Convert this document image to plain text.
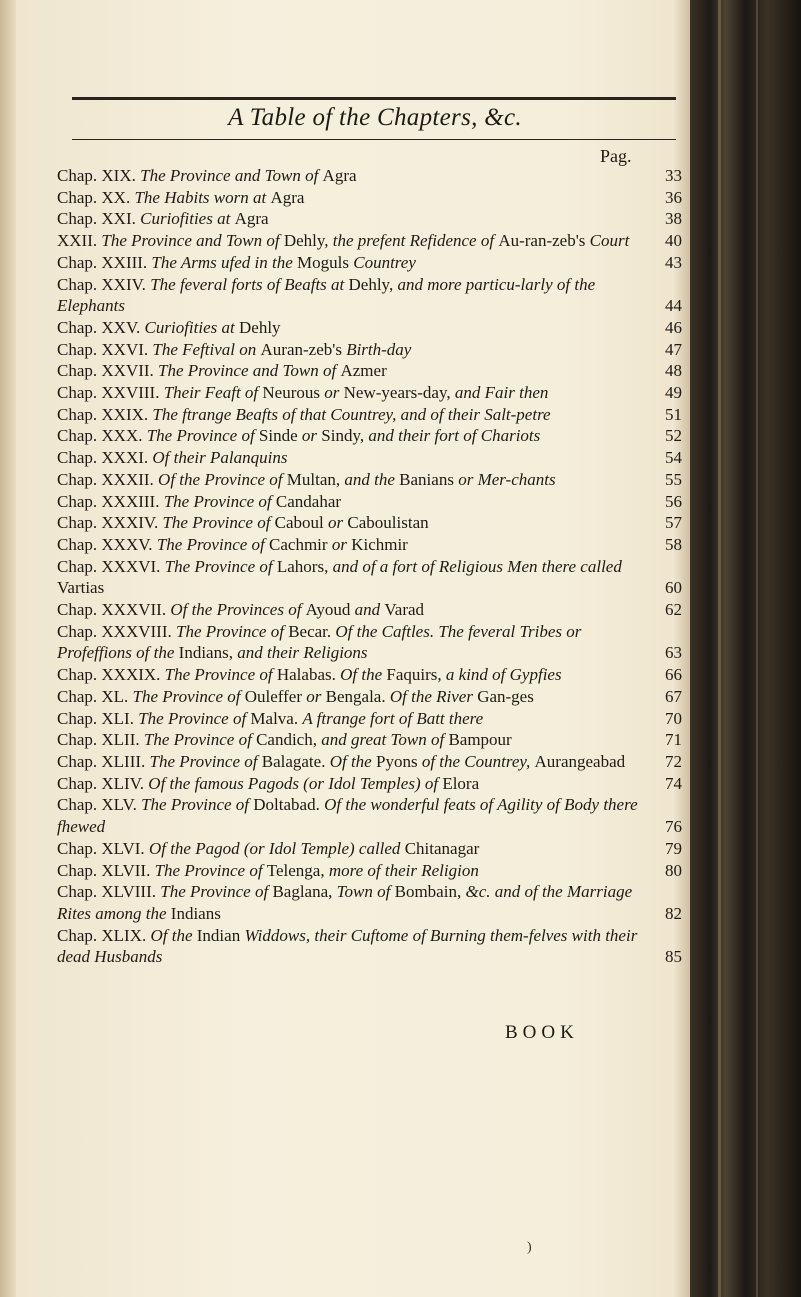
A Table of the Chapters, &c.
Pag.
Chap. XIX. The Province and Town of Agra	33
Chap. XX. The Habits worn at Agra	36
Chap. XXI. Curiofities at Agra	38
XXII. The Province and Town of Dehly, the prefent Refidence of Au-ran-zeb's Court	40
Chap. XXIII. The Arms ufed in the Moguls Countrey	43
Chap. XXIV. The feveral forts of Beafts at Dehly, and more particu-larly of the Elephants	44
Chap. XXV. Curiofities at Dehly	46
Chap. XXVI. The Feftival on Auran-zeb's Birth-day	47
Chap. XXVII. The Province and Town of Azmer	48
Chap. XXVIII. Their Feaft of Neurous or New-years-day, and Fair then	49
Chap. XXIX. The ftrange Beafts of that Countrey, and of their Salt-petre	51
Chap. XXX. The Province of Sinde or Sindy, and their fort of Chariots	52
Chap. XXXI. Of their Palanquins	54
Chap. XXXII. Of the Province of Multan, and the Banians or Mer-chants	55
Chap. XXXIII. The Province of Candahar	56
Chap. XXXIV. The Province of Caboul or Caboulistan	57
Chap. XXXV. The Province of Cachmir or Kichmir	58
Chap. XXXVI. The Province of Lahors, and of a fort of Religious Men there called Vartias	60
Chap. XXXVII. Of the Provinces of Ayoud and Varad	62
Chap. XXXVIII. The Province of Becar. Of the Caftles. The feveral Tribes or Profeffions of the Indians, and their Religions	63
Chap. XXXIX. The Province of Halabas. Of the Faquirs, a kind of Gypfies	66
Chap. XL. The Province of Ouleffer or Bengala. Of the River Gan-ges	67
Chap. XLI. The Province of Malva. A ftrange fort of Batt there	70
Chap. XLII. The Province of Candich, and great Town of Bampour	71
Chap. XLIII. The Province of Balagate. Of the Pyons of the Countrey, Aurangeabad	72
Chap. XLIV. Of the famous Pagods (or Idol Temples) of Elora	74
Chap. XLV. The Province of Doltabad. Of the wonderful feats of Agility of Body there fhewed	76
Chap. XLVI. Of the Pagod (or Idol Temple) called Chitanagar	79
Chap. XLVII. The Province of Telenga, more of their Religion	80
Chap. XLVIII. The Province of Baglana, Town of Bombain, &c. and of the Marriage Rites among the Indians	82
Chap. XLIX. Of the Indian Widdows, their Cuftome of Burning them-felves with their dead Husbands	85
BOOK
)
